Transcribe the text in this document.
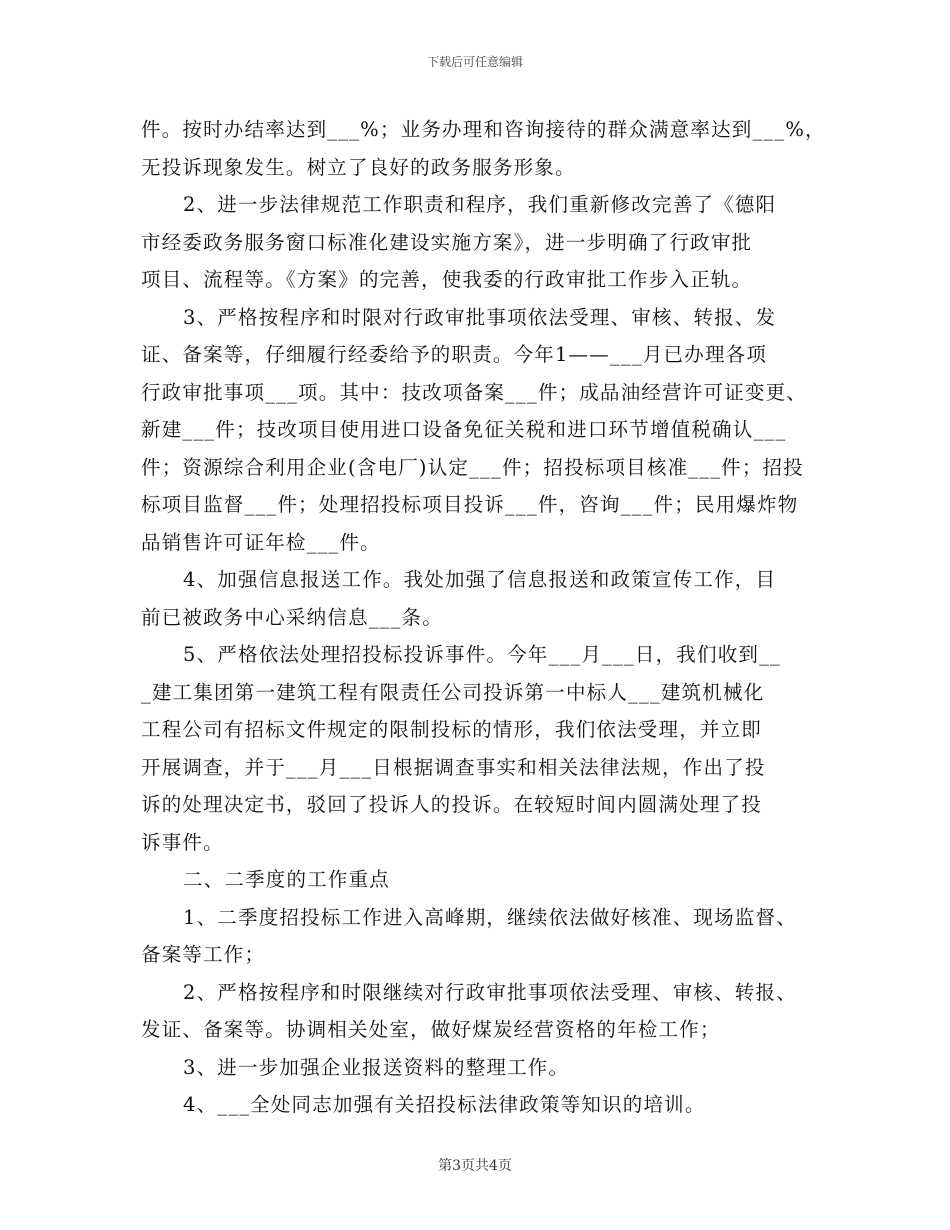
下载后可任意编辑
件。按时办结率达到___%；业务办理和咨询接待的群众满意率达到___%，
无投诉现象发生。树立了良好的政务服务形象。
2、进一步法律规范工作职责和程序，我们重新修改完善了《德阳
市经委政务服务窗口标准化建设实施方案》，进一步明确了行政审批
项目、流程等。《方案》的完善，使我委的行政审批工作步入正轨。
3、严格按程序和时限对行政审批事项依法受理、审核、转报、发
证、备案等，仔细履行经委给予的职责。今年1——___月已办理各项
行政审批事项___项。其中：技改项备案___件；成品油经营许可证变更、
新建___件；技改项目使用进口设备免征关税和进口环节增值税确认___
件；资源综合利用企业(含电厂)认定___件；招投标项目核准___件；招投
标项目监督___件；处理招投标项目投诉___件，咨询___件；民用爆炸物
品销售许可证年检___件。
4、加强信息报送工作。我处加强了信息报送和政策宣传工作，目
前已被政务中心采纳信息___条。
5、严格依法处理招投标投诉事件。今年___月___日，我们收到__
_建工集团第一建筑工程有限责任公司投诉第一中标人___建筑机械化
工程公司有招标文件规定的限制投标的情形，我们依法受理，并立即
开展调查，并于___月___日根据调查事实和相关法律法规，作出了投
诉的处理决定书，驳回了投诉人的投诉。在较短时间内圆满处理了投
诉事件。
二、二季度的工作重点
1、二季度招投标工作进入高峰期，继续依法做好核准、现场监督、
备案等工作；
2、严格按程序和时限继续对行政审批事项依法受理、审核、转报、
发证、备案等。协调相关处室，做好煤炭经营资格的年检工作；
3、进一步加强企业报送资料的整理工作。
4、___全处同志加强有关招投标法律政策等知识的培训。
第3页共4页
